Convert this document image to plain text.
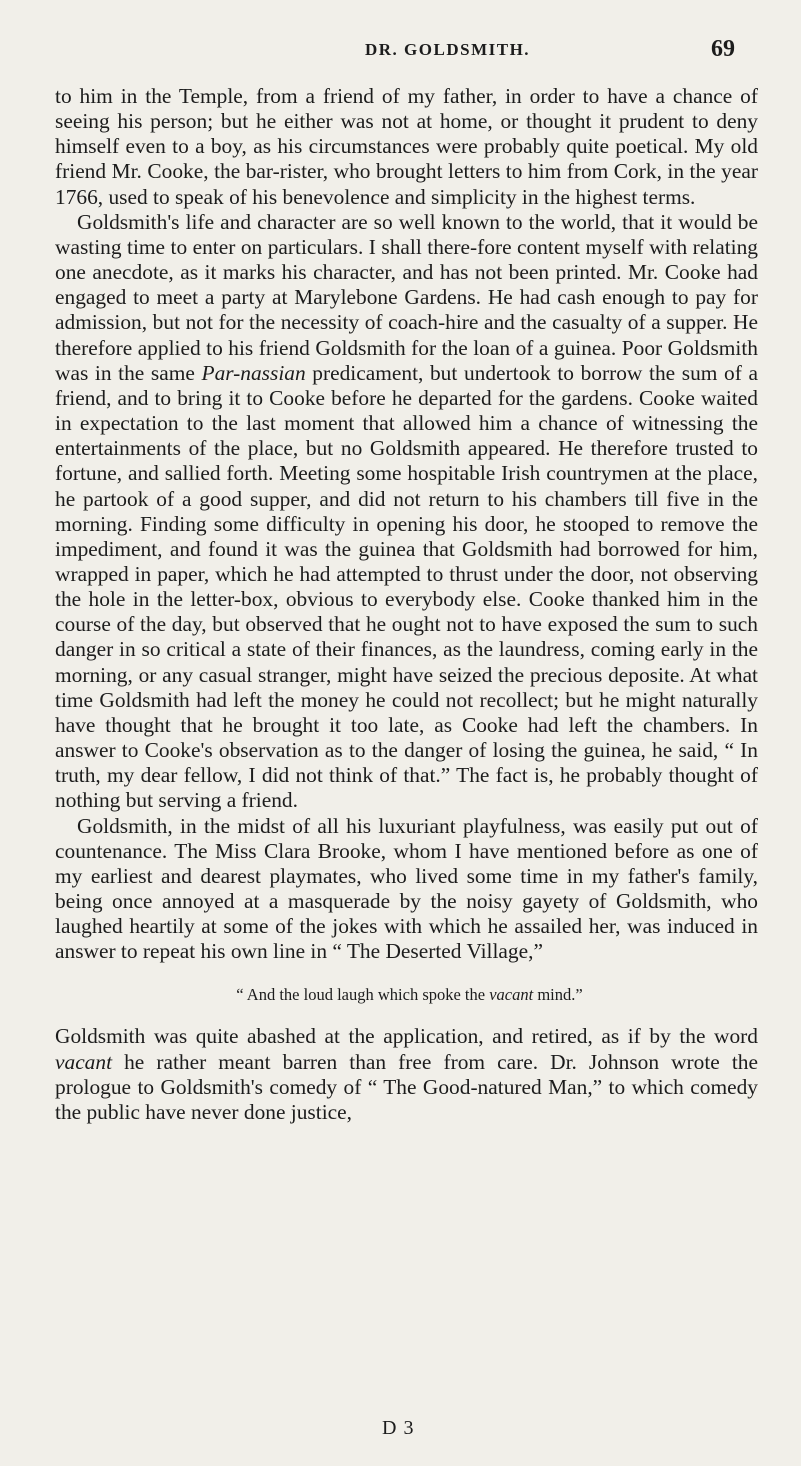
DR. GOLDSMITH.	69

to him in the Temple, from a friend of my father, in order to have a chance of seeing his person; but he either was not at home, or thought it prudent to deny himself even to a boy, as his circumstances were probably quite poetical. My old friend Mr. Cooke, the bar-rister, who brought letters to him from Cork, in the year 1766, used to speak of his benevolence and simplicity in the highest terms.

Goldsmith's life and character are so well known to the world, that it would be wasting time to enter on particulars. I shall there-fore content myself with relating one anecdote, as it marks his character, and has not been printed. Mr. Cooke had engaged to meet a party at Marylebone Gardens. He had cash enough to pay for admission, but not for the necessity of coach-hire and the casualty of a supper. He therefore applied to his friend Goldsmith for the loan of a guinea. Poor Goldsmith was in the same Par-nassian predicament, but undertook to borrow the sum of a friend, and to bring it to Cooke before he departed for the gardens. Cooke waited in expectation to the last moment that allowed him a chance of witnessing the entertainments of the place, but no Goldsmith appeared. He therefore trusted to fortune, and sallied forth. Meeting some hospitable Irish countrymen at the place, he partook of a good supper, and did not return to his chambers till five in the morning. Finding some difficulty in opening his door, he stooped to remove the impediment, and found it was the guinea that Goldsmith had borrowed for him, wrapped in paper, which he had attempted to thrust under the door, not observing the hole in the letter-box, obvious to everybody else. Cooke thanked him in the course of the day, but observed that he ought not to have exposed the sum to such danger in so critical a state of their finances, as the laundress, coming early in the morning, or any casual stranger, might have seized the precious deposite. At what time Goldsmith had left the money he could not recollect; but he might naturally have thought that he brought it too late, as Cooke had left the chambers. In answer to Cooke's observation as to the danger of losing the guinea, he said, “ In truth, my dear fellow, I did not think of that.” The fact is, he probably thought of nothing but serving a friend.

Goldsmith, in the midst of all his luxuriant playfulness, was easily put out of countenance. The Miss Clara Brooke, whom I have mentioned before as one of my earliest and dearest playmates, who lived some time in my father's family, being once annoyed at a masquerade by the noisy gayety of Goldsmith, who laughed heartily at some of the jokes with which he assailed her, was induced in answer to repeat his own line in “ The Deserted Village,”

“ And the loud laugh which spoke the vacant mind.”

Goldsmith was quite abashed at the application, and retired, as if by the word vacant he rather meant barren than free from care. Dr. Johnson wrote the prologue to Goldsmith's comedy of “ The Good-natured Man,” to which comedy the public have never done justice,

D 3
